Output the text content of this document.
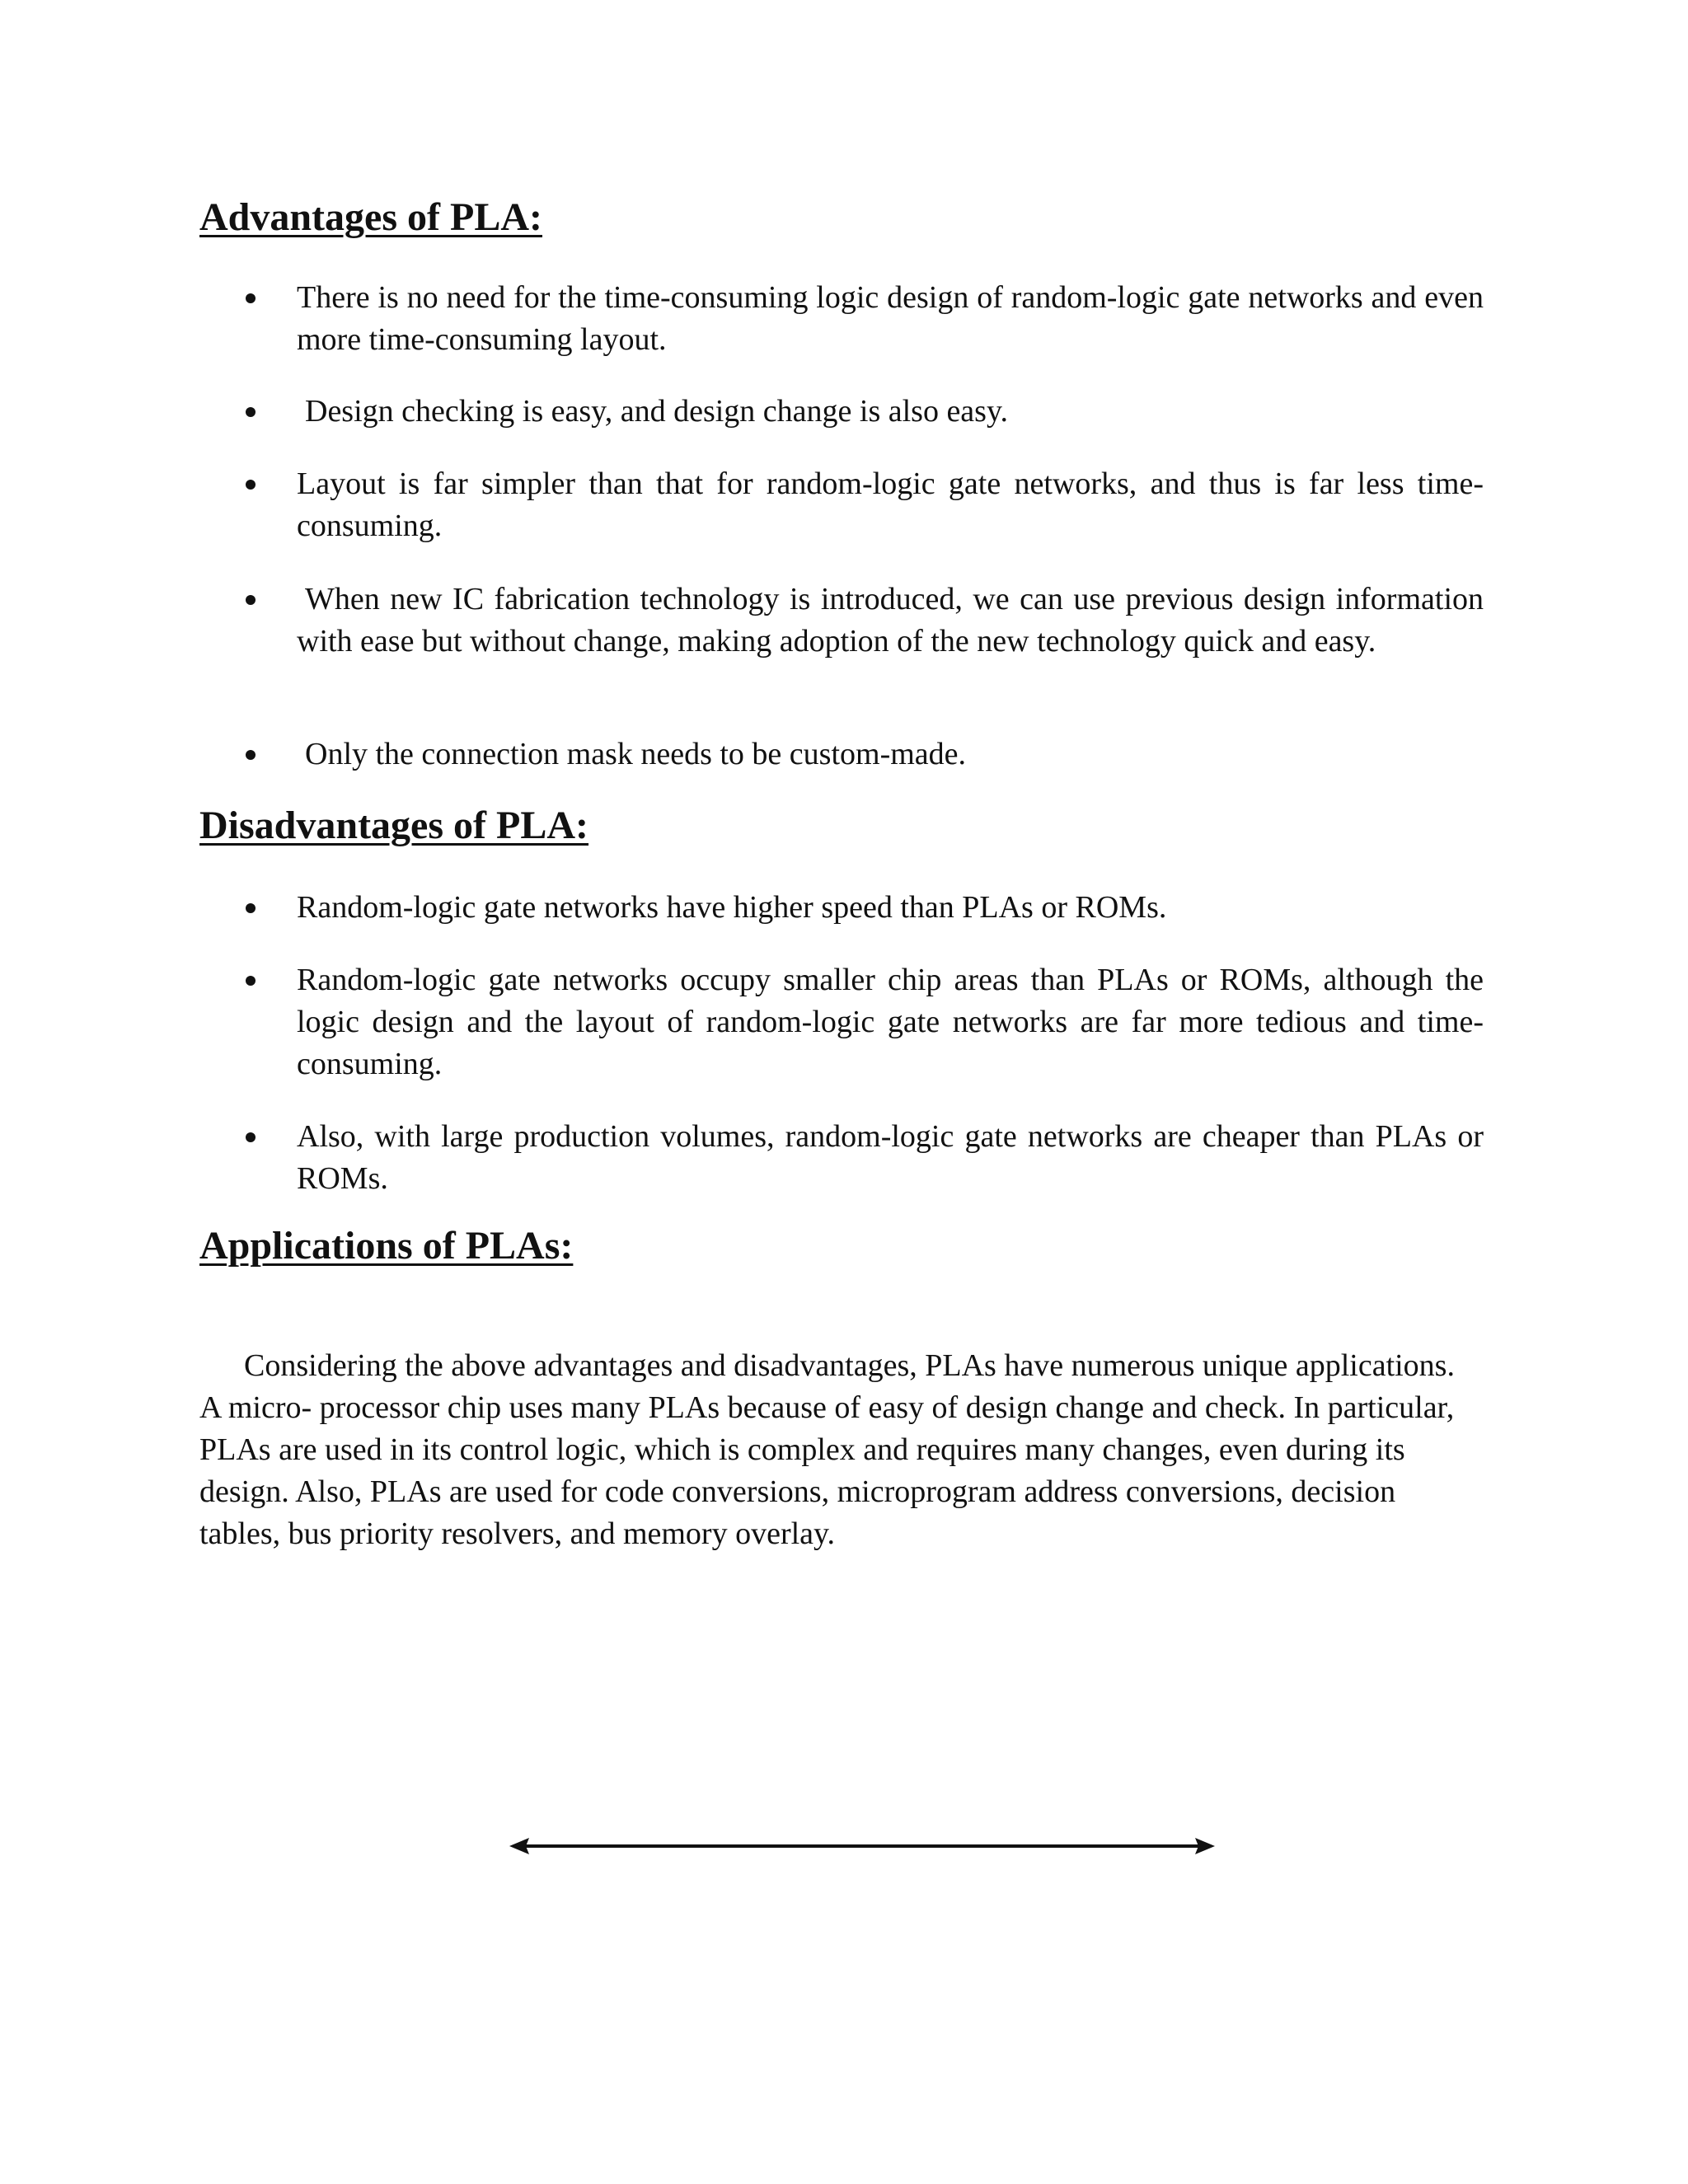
Advantages of PLA:
There is no need for the time-consuming logic design of random-logic gate networks and even more time-consuming layout.
Design checking is easy, and design change is also easy.
Layout is far simpler than that for random-logic gate networks, and thus is far less time-consuming.
When new IC fabrication technology is introduced, we can use previous design information with ease but without change, making adoption of the new technology quick and easy.
Only the connection mask needs to be custom-made.
Disadvantages of PLA:
Random-logic gate networks have higher speed than PLAs or ROMs.
Random-logic gate networks occupy smaller chip areas than PLAs or ROMs, although the logic design and the layout of random-logic gate networks are far more tedious and time- consuming.
Also, with large production volumes, random-logic gate networks are cheaper than PLAs or ROMs.
Applications of PLAs:

Considering the above advantages and disadvantages, PLAs have numerous unique applications. A micro- processor chip uses many PLAs because of easy of design change and check. In particular, PLAs are used in its control logic, which is complex and requires many changes, even during its design. Also, PLAs are used for code conversions, microprogram address conversions, decision tables, bus priority resolvers, and memory overlay.
